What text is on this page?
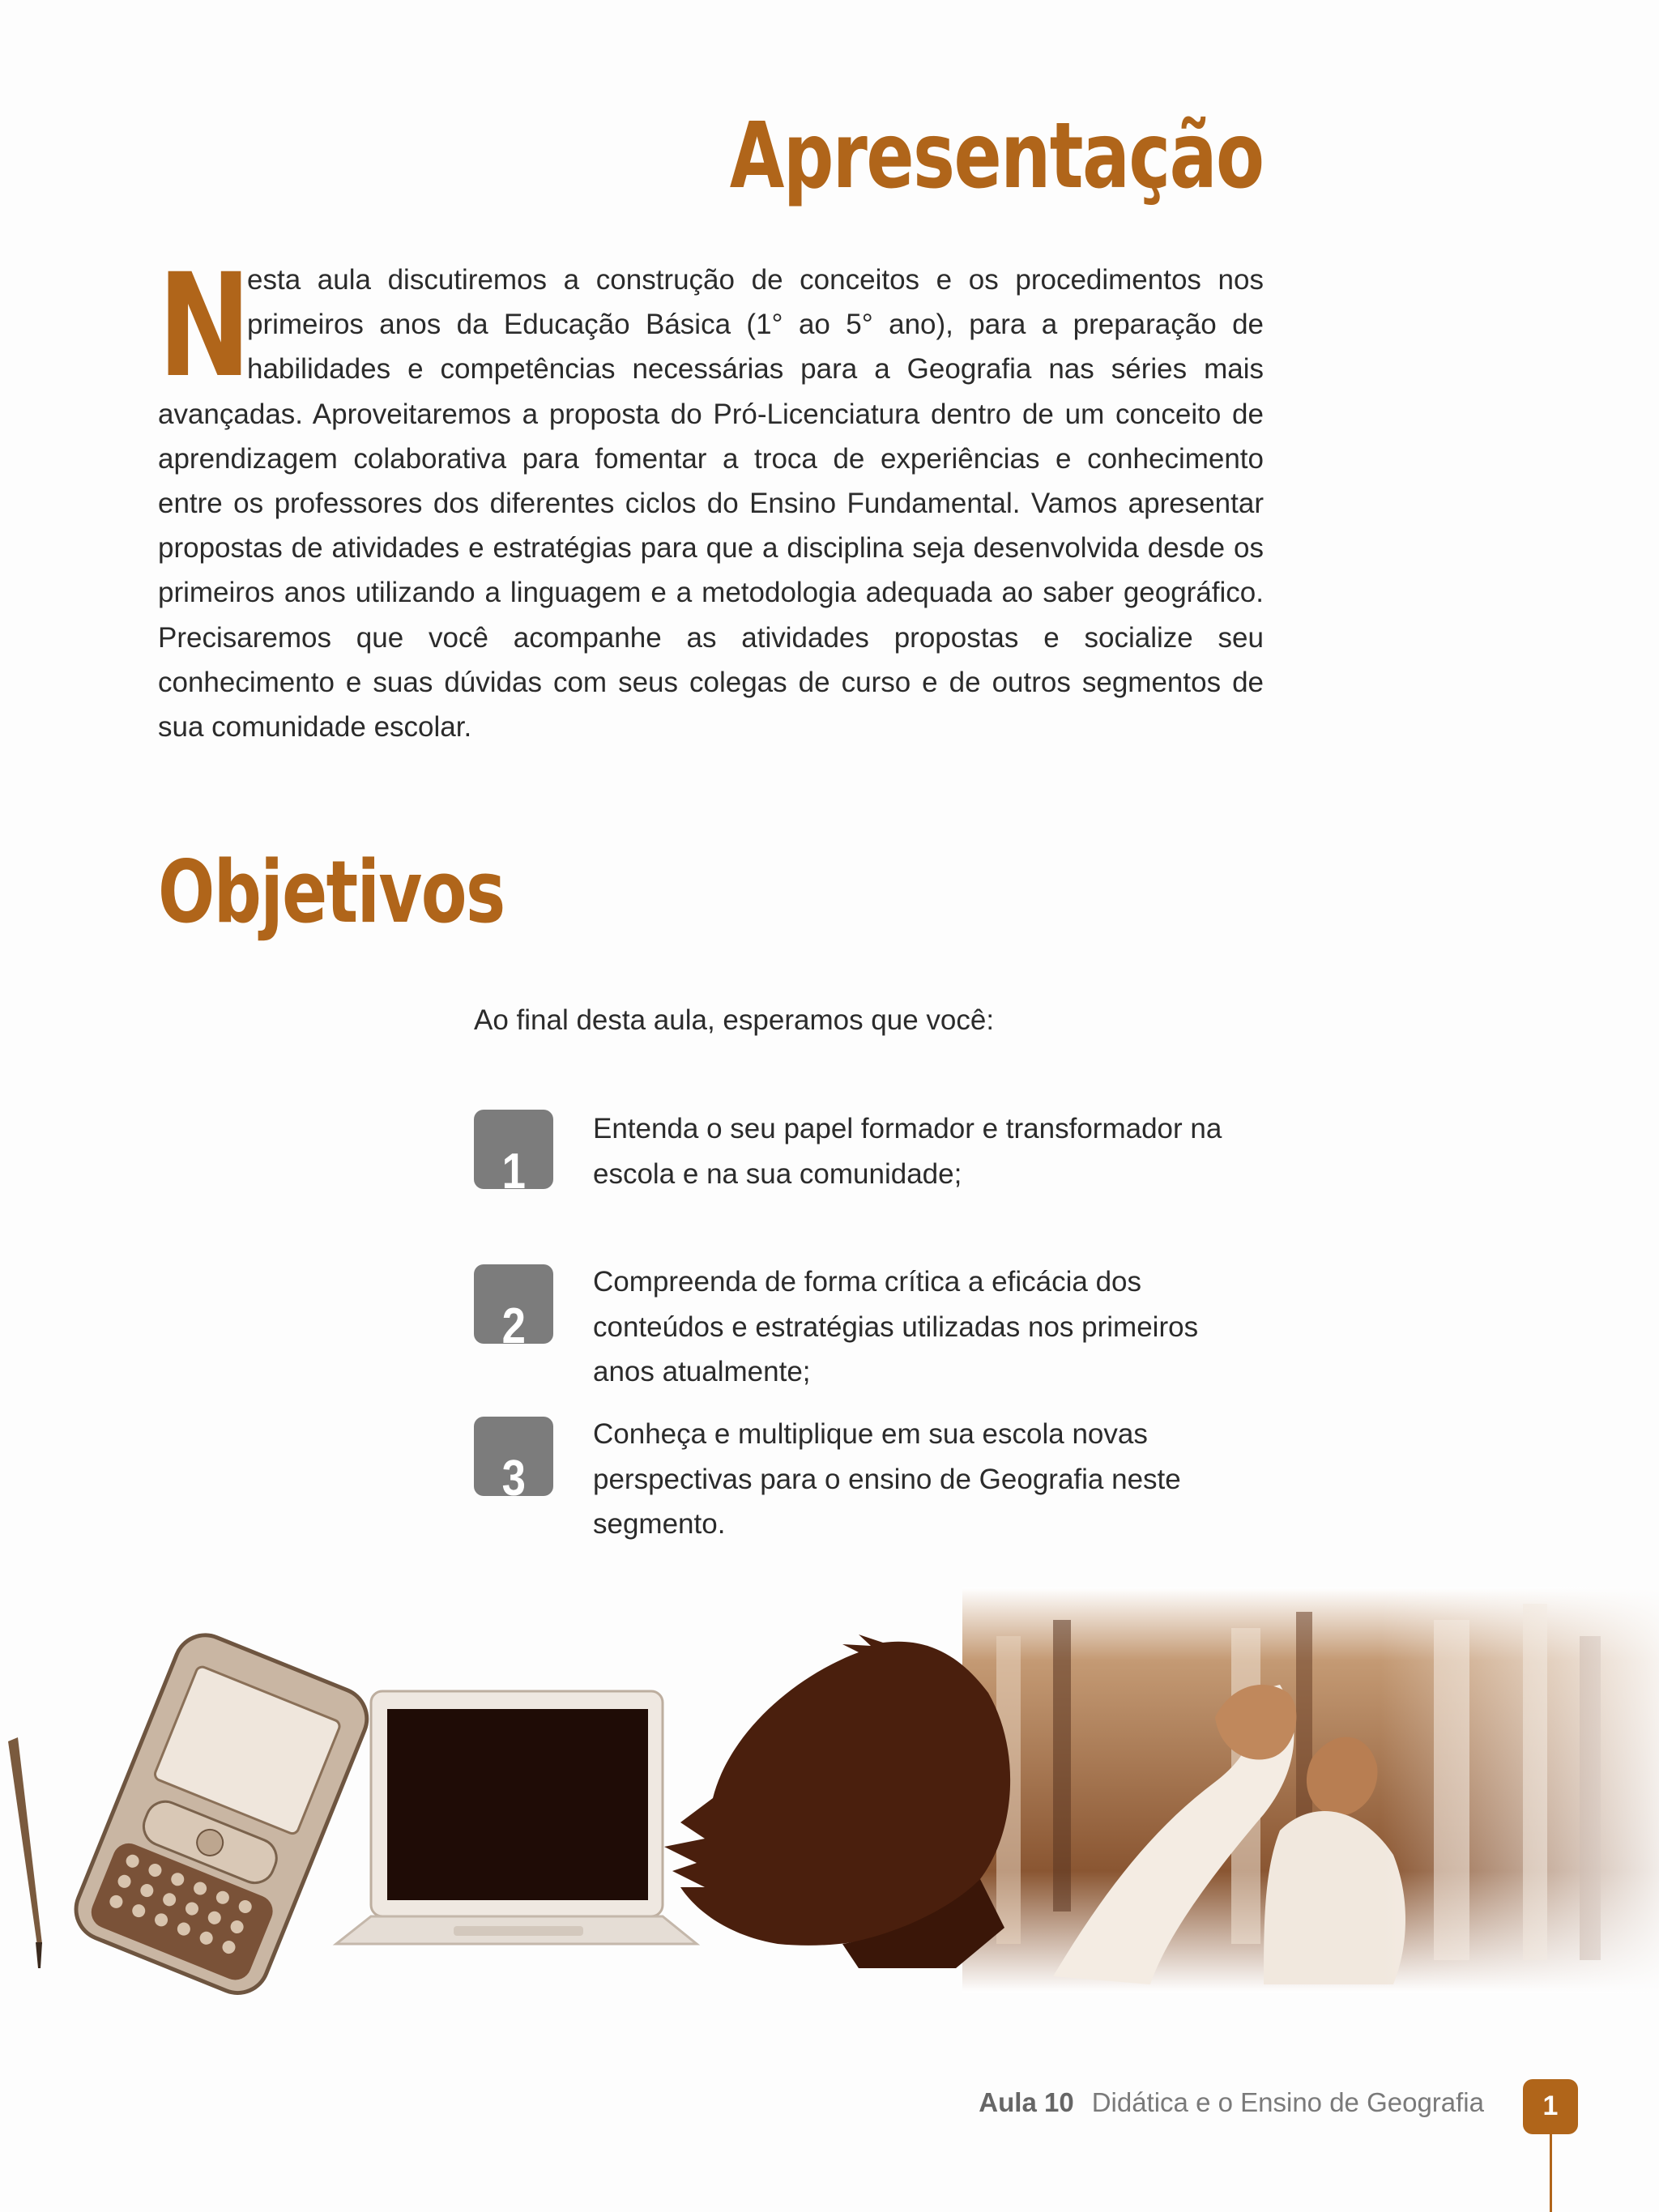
Apresentação

N
esta aula discutiremos a construção de conceitos e os procedimentos nos primeiros anos da Educação Básica (1° ao 5° ano), para a preparação de habilidades e competências necessárias para a Geografia nas séries mais avançadas. Aproveitaremos a proposta do Pró-Licenciatura dentro de um conceito de aprendizagem colaborativa para fomentar a troca de experiências e conhecimento entre os professores dos diferentes ciclos do Ensino Fundamental. Vamos apresentar propostas de atividades e estratégias para que a disciplina seja desenvolvida desde os primeiros anos utilizando a linguagem e a metodologia adequada ao saber geográfico. Precisaremos que você acompanhe as atividades propostas e socialize seu conhecimento e suas dúvidas com seus colegas de curso e de outros segmentos de sua comunidade escolar.

Objetivos

Ao final desta aula, esperamos que você:

1

Entenda o seu papel formador e transformador na escola e na sua comunidade;

2

Compreenda de forma crítica a eficácia dos conteúdos e estratégias utilizadas nos primeiros anos atualmente;

3

Conheça e multiplique em sua escola novas perspectivas para o ensino de Geografia neste segmento.

Aula 10 Didática e o Ensino de Geografia	1
